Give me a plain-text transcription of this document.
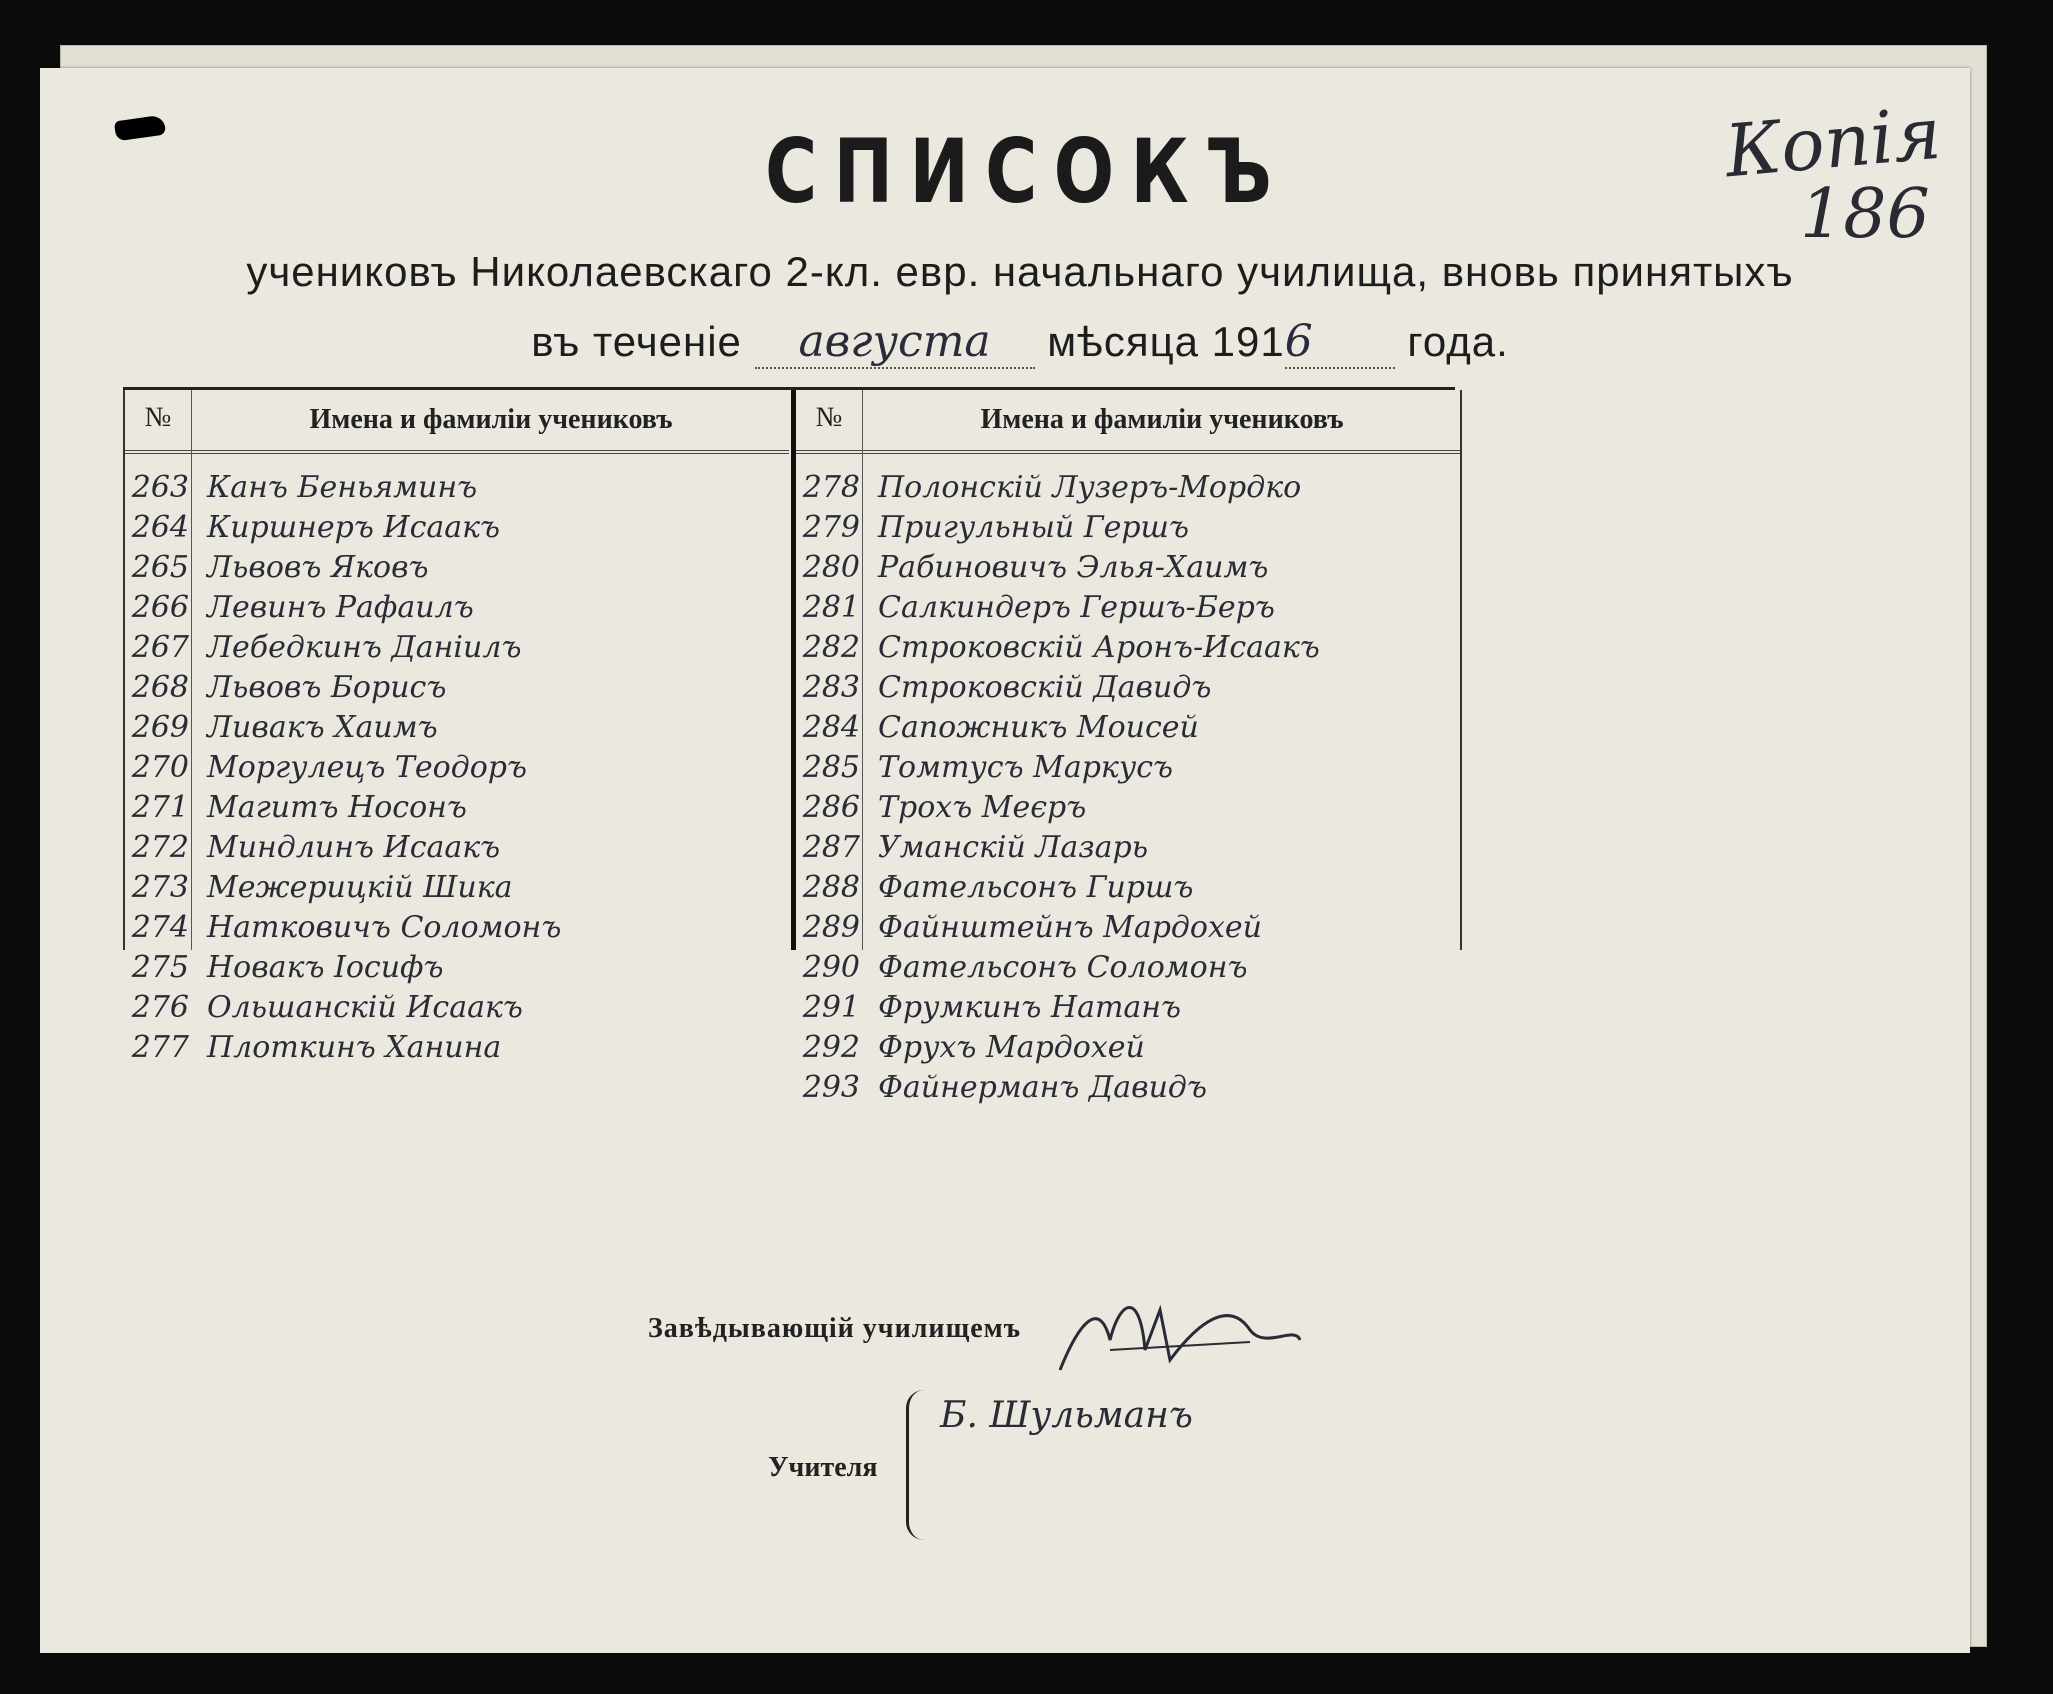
Копія
186
СПИСОКЪ
учениковъ Николаевскаго 2-кл. евр. начальнаго училища, вновь принятыхъ
въ теченіе августа мѣсяца 1916 года.
№	Имена и фамиліи учениковъ
263 Канъ Беньяминъ
264 Киршнеръ Исаакъ
265 Львовъ Яковъ
266 Левинъ Рафаилъ
267 Лебедкинъ Даніилъ
268 Львовъ Борисъ
269 Ливакъ Хаимъ
270 Моргулецъ Теодоръ
271 Магитъ Носонъ
272 Миндлинъ Исаакъ
273 Межерицкій Шика
274 Натковичъ Соломонъ
275 Новакъ Іосифъ
276 Ольшанскій Исаакъ
277 Плоткинъ Ханина
№	Имена и фамиліи учениковъ
278 Полонскій Лузеръ-Мордко
279 Пригульный Гершъ
280 Рабиновичъ Элья-Хаимъ
281 Салкиндеръ Гершъ-Беръ
282 Строковскій Аронъ-Исаакъ
283 Строковскій Давидъ
284 Сапожникъ Моисей
285 Томтусъ Маркусъ
286 Трохъ Меєръ
287 Уманскій Лазарь
288 Фательсонъ Гиршъ
289 Файнштейнъ Мардохей
290 Фательсонъ Соломонъ
291 Фрумкинъ Натанъ
292 Фрухъ Мардохей
293 Файнерманъ Давидъ
Завѣдывающій училищемъ
Учителя
Б. Шульманъ
